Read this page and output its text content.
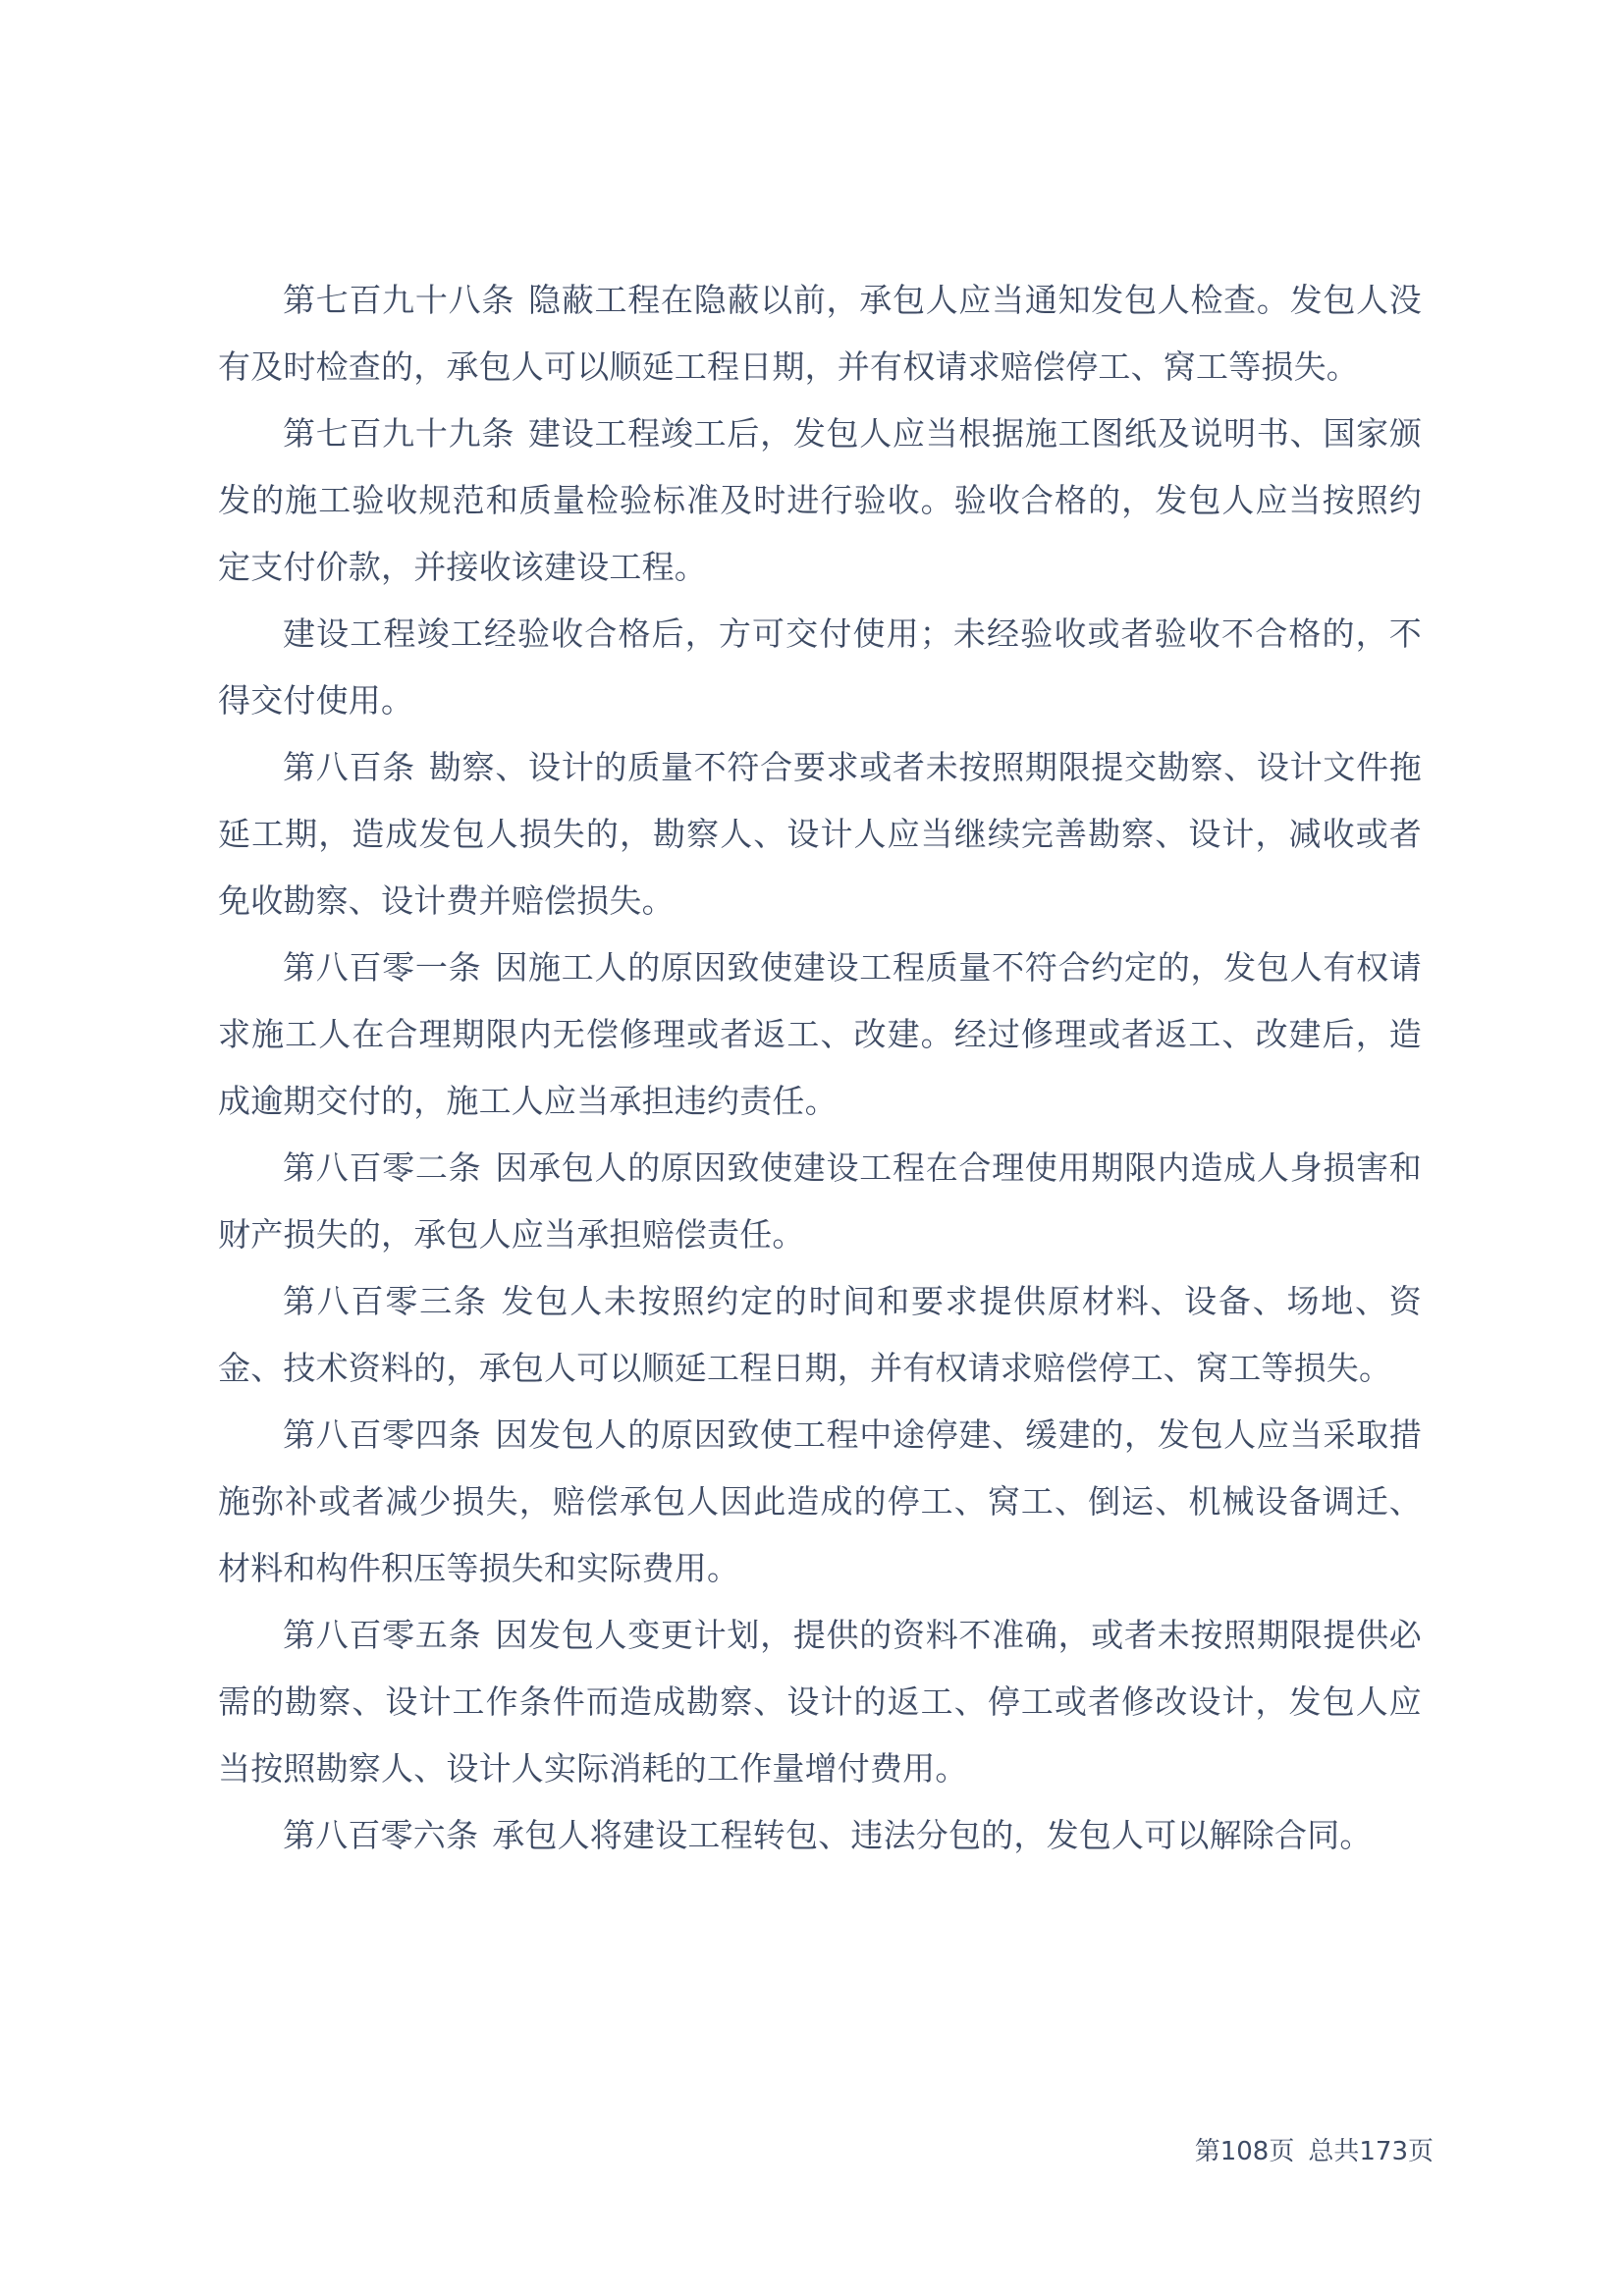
第七百九十八条 隐蔽工程在隐蔽以前，承包人应当通知发包人检查。发包人没有及时检查的，承包人可以顺延工程日期，并有权请求赔偿停工、窝工等损失。

第七百九十九条 建设工程竣工后，发包人应当根据施工图纸及说明书、国家颁发的施工验收规范和质量检验标准及时进行验收。验收合格的，发包人应当按照约定支付价款，并接收该建设工程。

建设工程竣工经验收合格后，方可交付使用；未经验收或者验收不合格的，不得交付使用。

第八百条 勘察、设计的质量不符合要求或者未按照期限提交勘察、设计文件拖延工期，造成发包人损失的，勘察人、设计人应当继续完善勘察、设计，减收或者免收勘察、设计费并赔偿损失。

第八百零一条 因施工人的原因致使建设工程质量不符合约定的，发包人有权请求施工人在合理期限内无偿修理或者返工、改建。经过修理或者返工、改建后，造成逾期交付的，施工人应当承担违约责任。

第八百零二条 因承包人的原因致使建设工程在合理使用期限内造成人身损害和财产损失的，承包人应当承担赔偿责任。

第八百零三条 发包人未按照约定的时间和要求提供原材料、设备、场地、资金、技术资料的，承包人可以顺延工程日期，并有权请求赔偿停工、窝工等损失。

第八百零四条 因发包人的原因致使工程中途停建、缓建的，发包人应当采取措施弥补或者减少损失，赔偿承包人因此造成的停工、窝工、倒运、机械设备调迁、材料和构件积压等损失和实际费用。

第八百零五条 因发包人变更计划，提供的资料不准确，或者未按照期限提供必需的勘察、设计工作条件而造成勘察、设计的返工、停工或者修改设计，发包人应当按照勘察人、设计人实际消耗的工作量增付费用。

第八百零六条 承包人将建设工程转包、违法分包的，发包人可以解除合同。

第108页 总共173页
